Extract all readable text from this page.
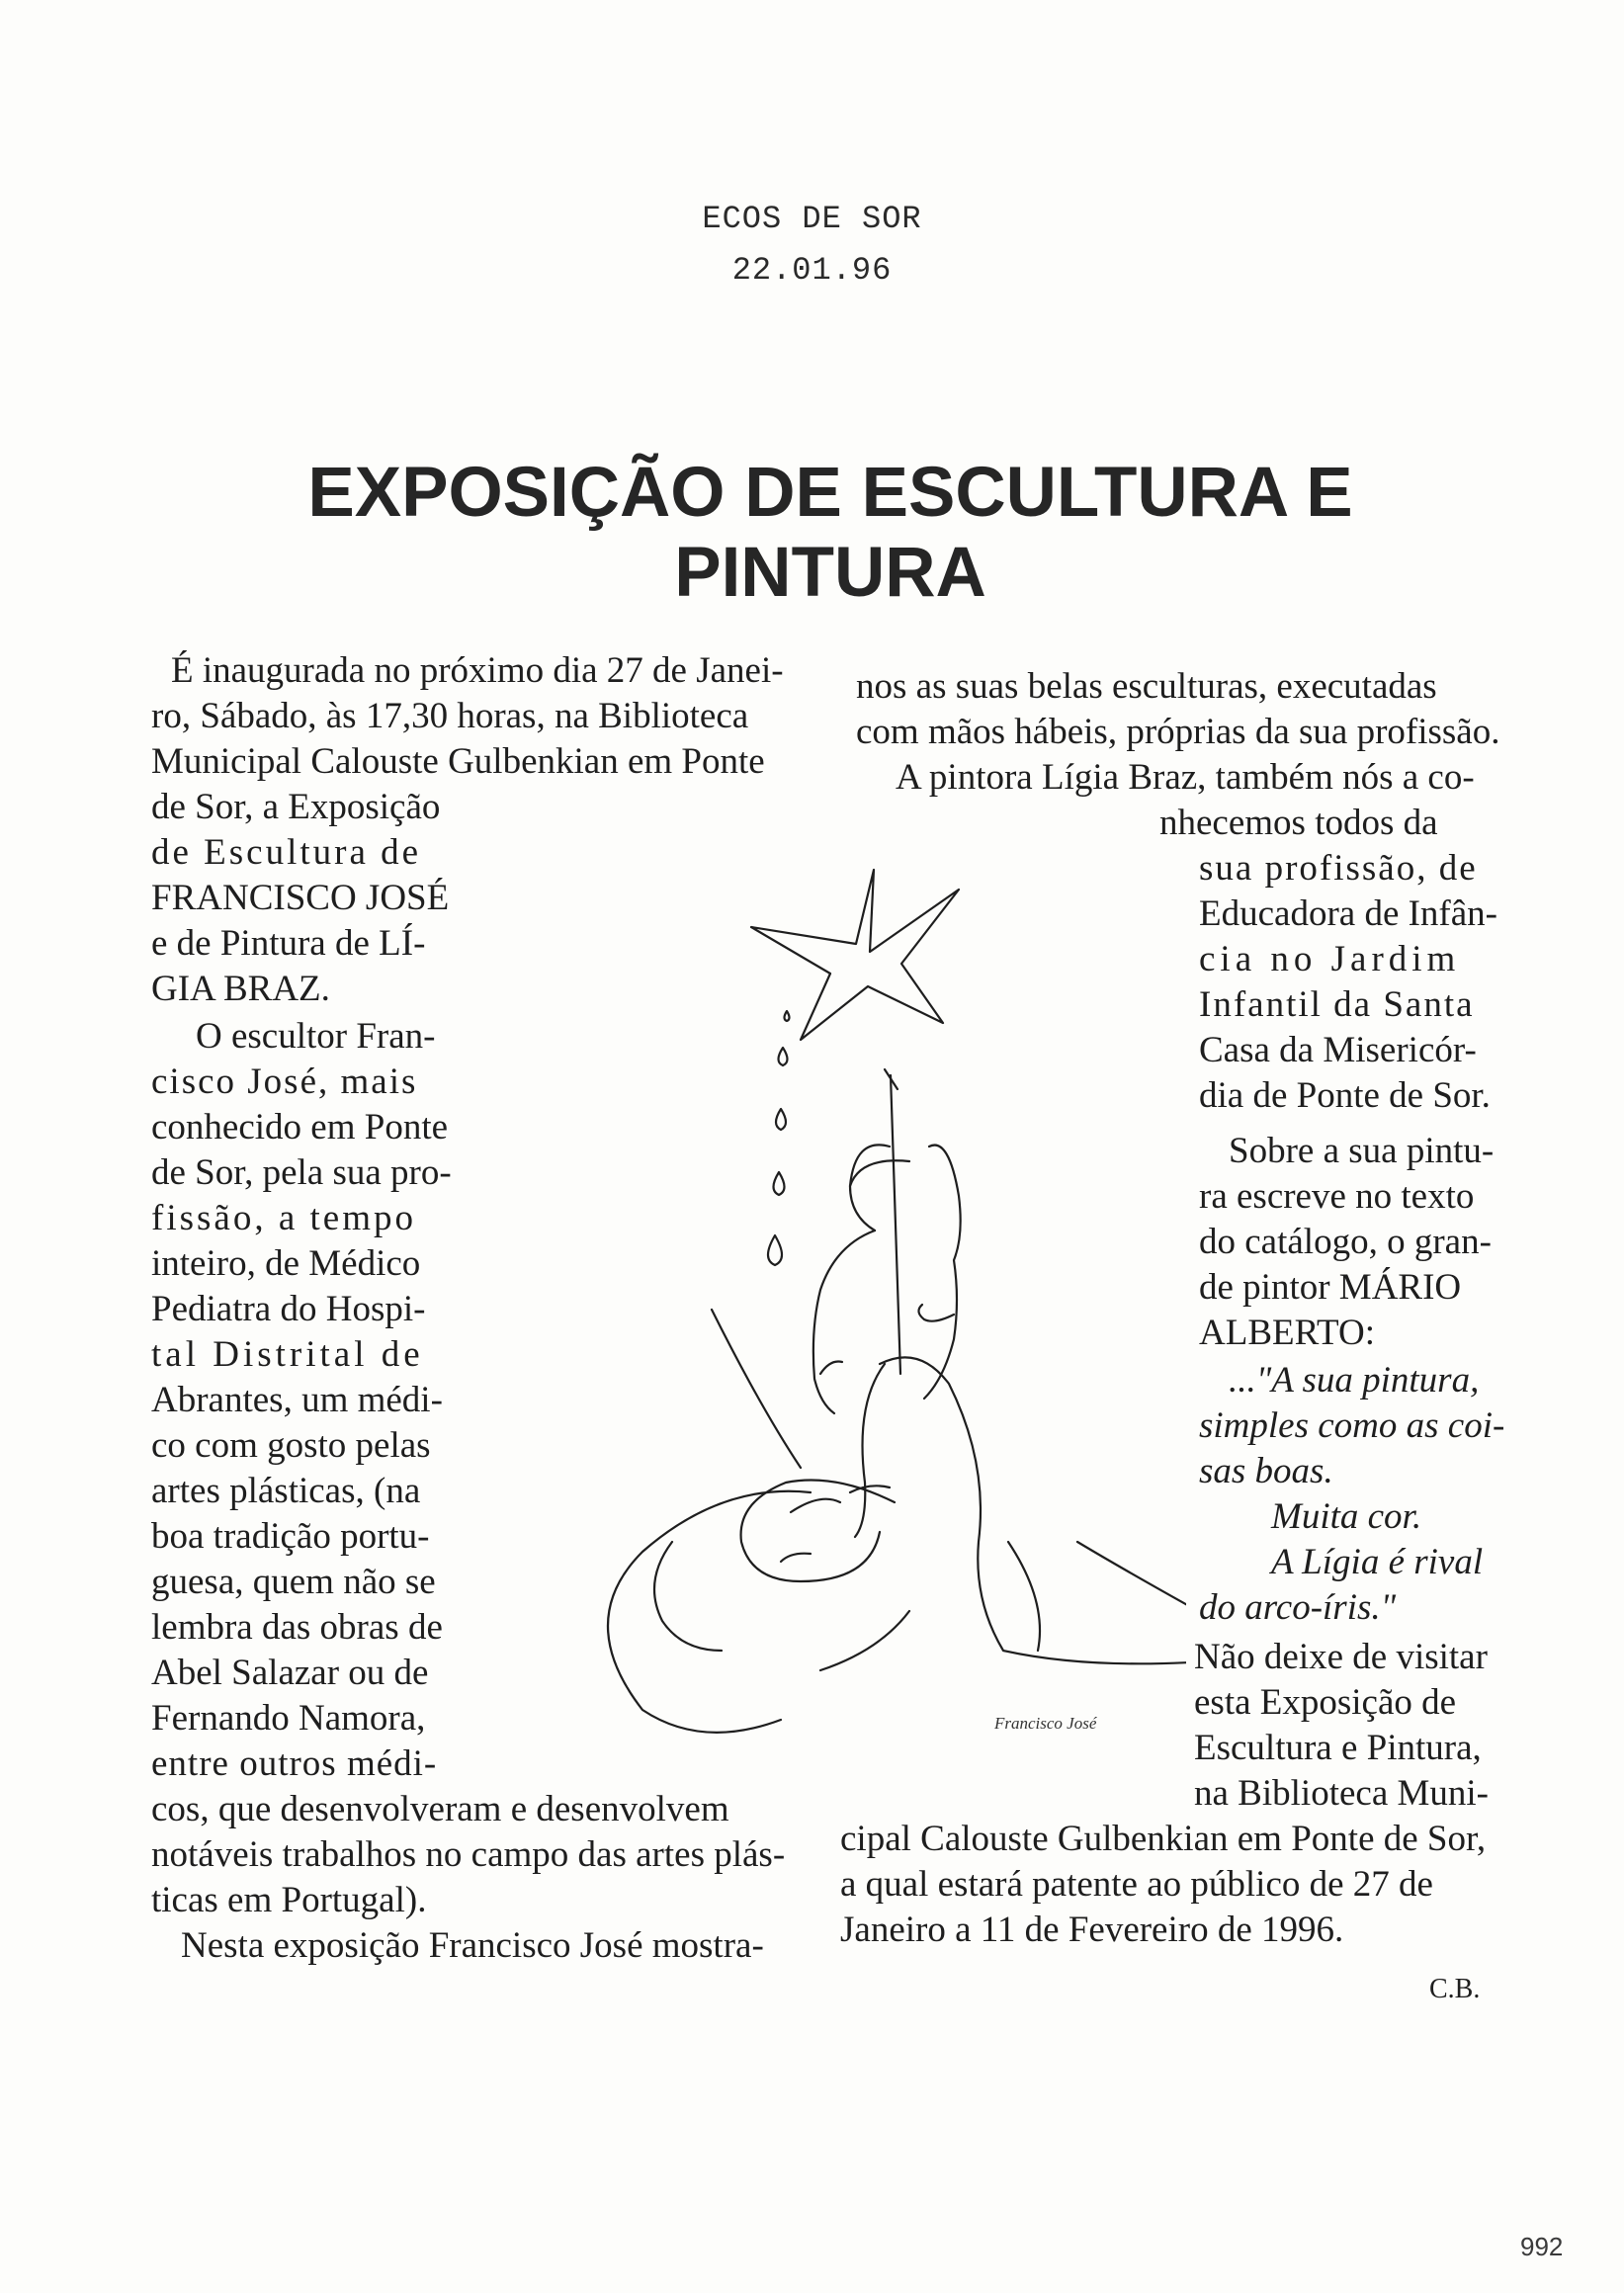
ECOS DE SOR
22.01.96
EXPOSIÇÃO DE ESCULTURA E PINTURA
É inaugurada no próximo dia 27 de Janei-
ro, Sábado, às 17,30 horas, na Biblioteca
Municipal Calouste Gulbenkian em Ponte
de Sor, a Exposição
de Escultura de
FRANCISCO JOSÉ
e de Pintura de LÍ-
GIA BRAZ.
O escultor Fran-
cisco José, mais
conhecido em Ponte
de Sor, pela sua pro-
fissão, a tempo
inteiro, de Médico
Pediatra do Hospi-
tal Distrital de
Abrantes, um médi-
co com gosto pelas
artes plásticas, (na
boa tradição portu-
guesa, quem não se
lembra das obras de
Abel Salazar ou de
Fernando Namora,
entre outros médi-
cos, que desenvolveram e desenvolvem
notáveis trabalhos no campo das artes plás-
ticas em Portugal).
Nesta exposição Francisco José mostra-
nos as suas belas esculturas, executadas
com mãos hábeis, próprias da sua profissão.
A pintora Lígia Braz, também nós a co-
nhecemos todos da
sua profissão, de
Educadora de Infân-
cia no Jardim
Infantil da Santa
Casa da Misericór-
dia de Ponte de Sor.
Sobre a sua pintu-
ra escreve no texto
do catálogo, o gran-
de pintor MÁRIO
ALBERTO:
..."A sua pintura,
simples como as coi-
sas boas.
Muita cor.
A Lígia é rival
do arco-íris."
Não deixe de visitar
esta Exposição de
Escultura e Pintura,
na Biblioteca Muni-
cipal Calouste Gulbenkian em Ponte de Sor,
a qual estará patente ao público de 27 de
Janeiro a 11 de Fevereiro de 1996.
C.B.
Francisco José
992
